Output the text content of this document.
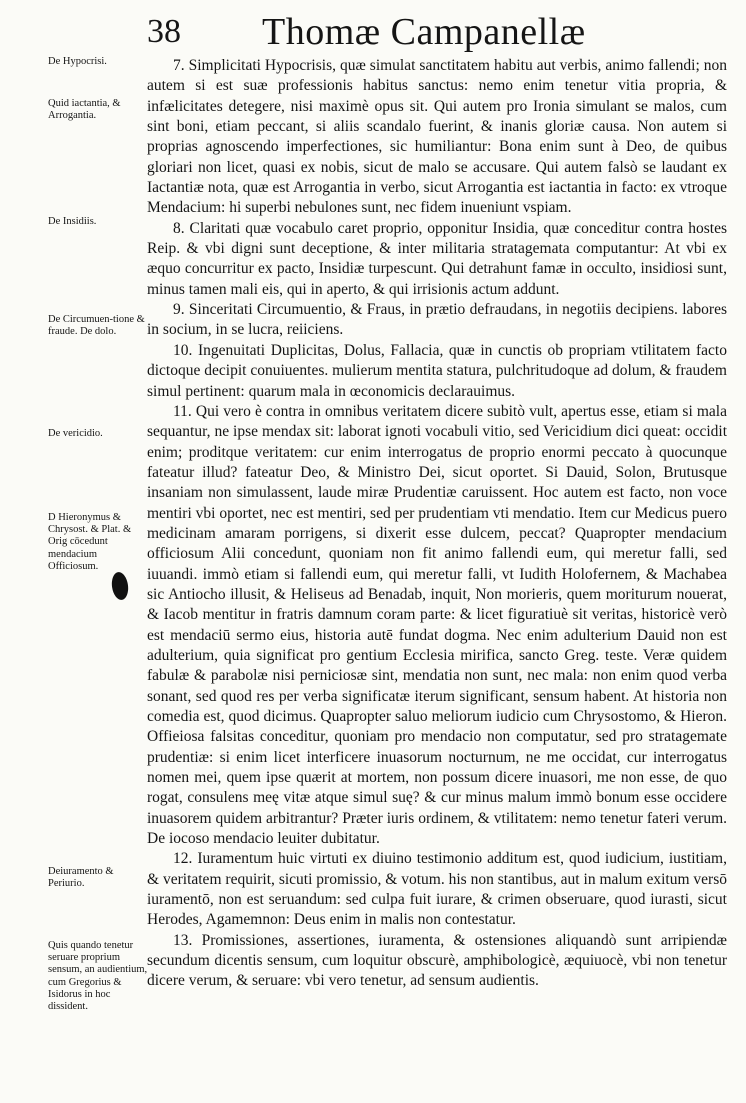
38 Thomæ Campanellæ
De Hypocrisi.
Quid iactantia, & Arrogantia.
De Insidiis.
De Circumuen-tione & fraude. De dolo.
De vericidio.
D Hieronymus & Chrysost. & Plat. & Orig cōcedunt mendacium Officiosum.
Deiuramento & Periurio.
Quis quando tenetur seruare proprium sensum, an audientium, cum Gregorius & Isidorus in hoc dissident.

7. Simplicitati Hypocrisis, quæ simulat sanctitatem habitu aut verbis, animo fallendi; non autem si est suæ professionis habitus sanctus: nemo enim tenetur vitia propria, & infælicitates detegere, nisi maximè opus sit. Qui autem pro Ironia simulant se malos, cum sint boni, etiam peccant, si aliis scandalo fuerint, & inanis gloriæ causa. Non autem si proprias agnoscendo imperfectiones, sic humiliantur: Bona enim sunt à Deo, de quibus gloriari non licet, quasi ex nobis, sicut de malo se accusare. Qui autem falsò se laudant ex Iactantiæ nota, quæ est Arrogantia in verbo, sicut Arrogantia est iactantia in facto: ex vtroque Mendacium: hi superbi nebulones sunt, nec fidem inueniunt vspiam.

8. Claritati quæ vocabulo caret proprio, opponitur Insidia, quæ conceditur contra hostes Reip. & vbi digni sunt deceptione, & inter militaria stratagemata computantur: At vbi ex æquo concurritur ex pacto, Insidiæ turpescunt. Qui detrahunt famæ in occulto, insidiosi sunt, minus tamen mali eis, qui in aperto, & qui irrisionis actum addunt.

9. Sinceritati Circumuentio, & Fraus, in prætio defraudans, in negotiis decipiens. labores in socium, in se lucra, reiiciens.

10. Ingenuitati Duplicitas, Dolus, Fallacia, quæ in cunctis ob propriam vtilitatem facto dictoque decipit conuiuentes. mulierum mentita statura, pulchritudoque ad dolum, & fraudem simul pertinent: quarum mala in œconomicis declarauimus.

11. Qui vero è contra in omnibus veritatem dicere subitò vult, apertus esse, etiam si mala sequantur, ne ipse mendax sit: laborat ignoti vocabuli vitio, sed Vericidium dici queat: occidit enim; proditque veritatem: cur enim interrogatus de proprio enormi peccato à quocunque fateatur illud? fateatur Deo, & Ministro Dei, sicut oportet. Si Dauid, Solon, Brutusque insaniam non simulassent, laude miræ Prudentiæ caruissent. Hoc autem est facto, non voce mentiri vbi oportet, nec est mentiri, sed per prudentiam vti mendatio. Item cur Medicus puero medicinam amaram porrigens, si dixerit esse dulcem, peccat? Quapropter mendacium officiosum Alii concedunt, quoniam non fit animo fallendi eum, qui meretur falli, sed iuuandi. immò etiam si fallendi eum, qui meretur falli, vt Iudith Holofernem, & Machabea sic Antiocho illusit, & Heliseus ad Benadab, inquit, Non morieris, quem moriturum nouerat, & Iacob mentitur in fratris damnum coram parte: & licet figuratiuè sit veritas, historicè verò est mendaciū sermo eius, historia autē fundat dogma. Nec enim adulterium Dauid non est adulterium, quia significat pro gentium Ecclesia mirifica, sancto Greg. teste. Veræ quidem fabulæ & parabolæ nisi perniciosæ sint, mendatia non sunt, nec mala: non enim quod verba sonant, sed quod res per verba significatæ iterum significant, sensum habent. At historia non comedia est, quod dicimus. Quapropter saluo meliorum iudicio cum Chrysostomo, & Hieron. Offieiosa falsitas conceditur, quoniam pro mendacio non computatur, sed pro stratagemate prudentiæ: si enim licet interficere inuasorum nocturnum, ne me occidat, cur interrogatus nomen mei, quem ipse quærit at mortem, non possum dicere inuasori, me non esse, de quo rogat, consulens meę vitæ atque simul suę? & cur minus malum immò bonum esse occidere inuasorem quidem arbitrantur? Præter iuris ordinem, & vtilitatem: nemo tenetur fateri verum. De iocoso mendacio leuiter dubitatur.

12. Iuramentum huic virtuti ex diuino testimonio additum est, quod iudicium, iustitiam, & veritatem requirit, sicuti promissio, & votum. his non stantibus, aut in malum exitum versō iuramentō, non est seruandum: sed culpa fuit iurare, & crimen obseruare, quod iurasti, sicut Herodes, Agamemnon: Deus enim in malis non contestatur.

13. Promissiones, assertiones, iuramenta, & ostensiones aliquandò sunt arripiendæ secundum dicentis sensum, cum loquitur obscurè, amphibologicè, æquiuocè, vbi non tenetur dicere verum, & seruare: vbi vero tenetur, ad sensum audientis.
